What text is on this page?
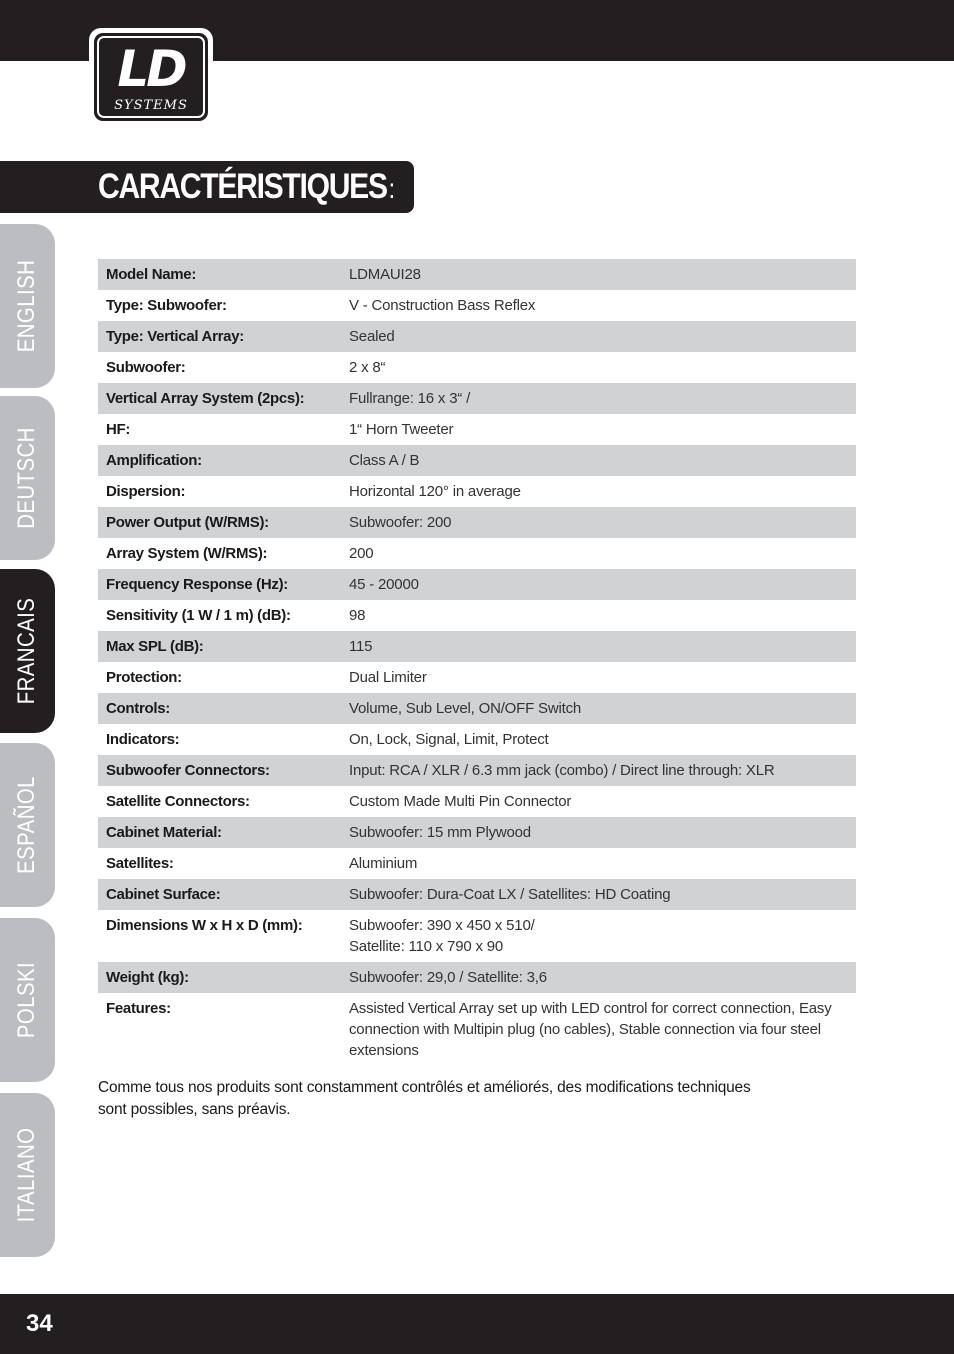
LD
SYSTEMS
CARACTÉRISTIQUES:
ENGLISH
DEUTSCH
FRANCAIS
ESPAÑOL
POLSKI
ITALIANO
Model Name:	LDMAUI28
Type: Subwoofer:	V - Construction Bass Reflex
Type: Vertical Array:	Sealed
Subwoofer:	2 x 8“
Vertical Array System (2pcs):	Fullrange: 16 x 3“ /
HF:	1“ Horn Tweeter
Amplification:	Class A / B
Dispersion:	Horizontal 120° in average
Power Output (W/RMS):	Subwoofer: 200
Array System (W/RMS):	200
Frequency Response (Hz):	45 - 20000
Sensitivity (1 W / 1 m) (dB):	98
Max SPL (dB):	115
Protection:	Dual Limiter
Controls:	Volume, Sub Level, ON/OFF Switch
Indicators:	On, Lock, Signal, Limit, Protect
Subwoofer Connectors:	Input: RCA / XLR / 6.3 mm jack (combo) / Direct line through: XLR
Satellite Connectors:	Custom Made Multi Pin Connector
Cabinet Material:	Subwoofer: 15 mm Plywood
Satellites:	Aluminium
Cabinet Surface:	Subwoofer: Dura-Coat LX / Satellites: HD Coating
Dimensions W x H x D (mm):	Subwoofer: 390 x 450 x 510/
Satellite: 110 x 790 x 90

Weight (kg):	Subwoofer: 29,0 / Satellite: 3,6
Features:	Assisted Vertical Array set up with LED control for correct connection, Easy connection with Multipin plug (no cables), Stable connection via four steel extensions
Comme tous nos produits sont constamment contrôlés et améliorés, des modifications techniques
sont possibles, sans préavis.
34
